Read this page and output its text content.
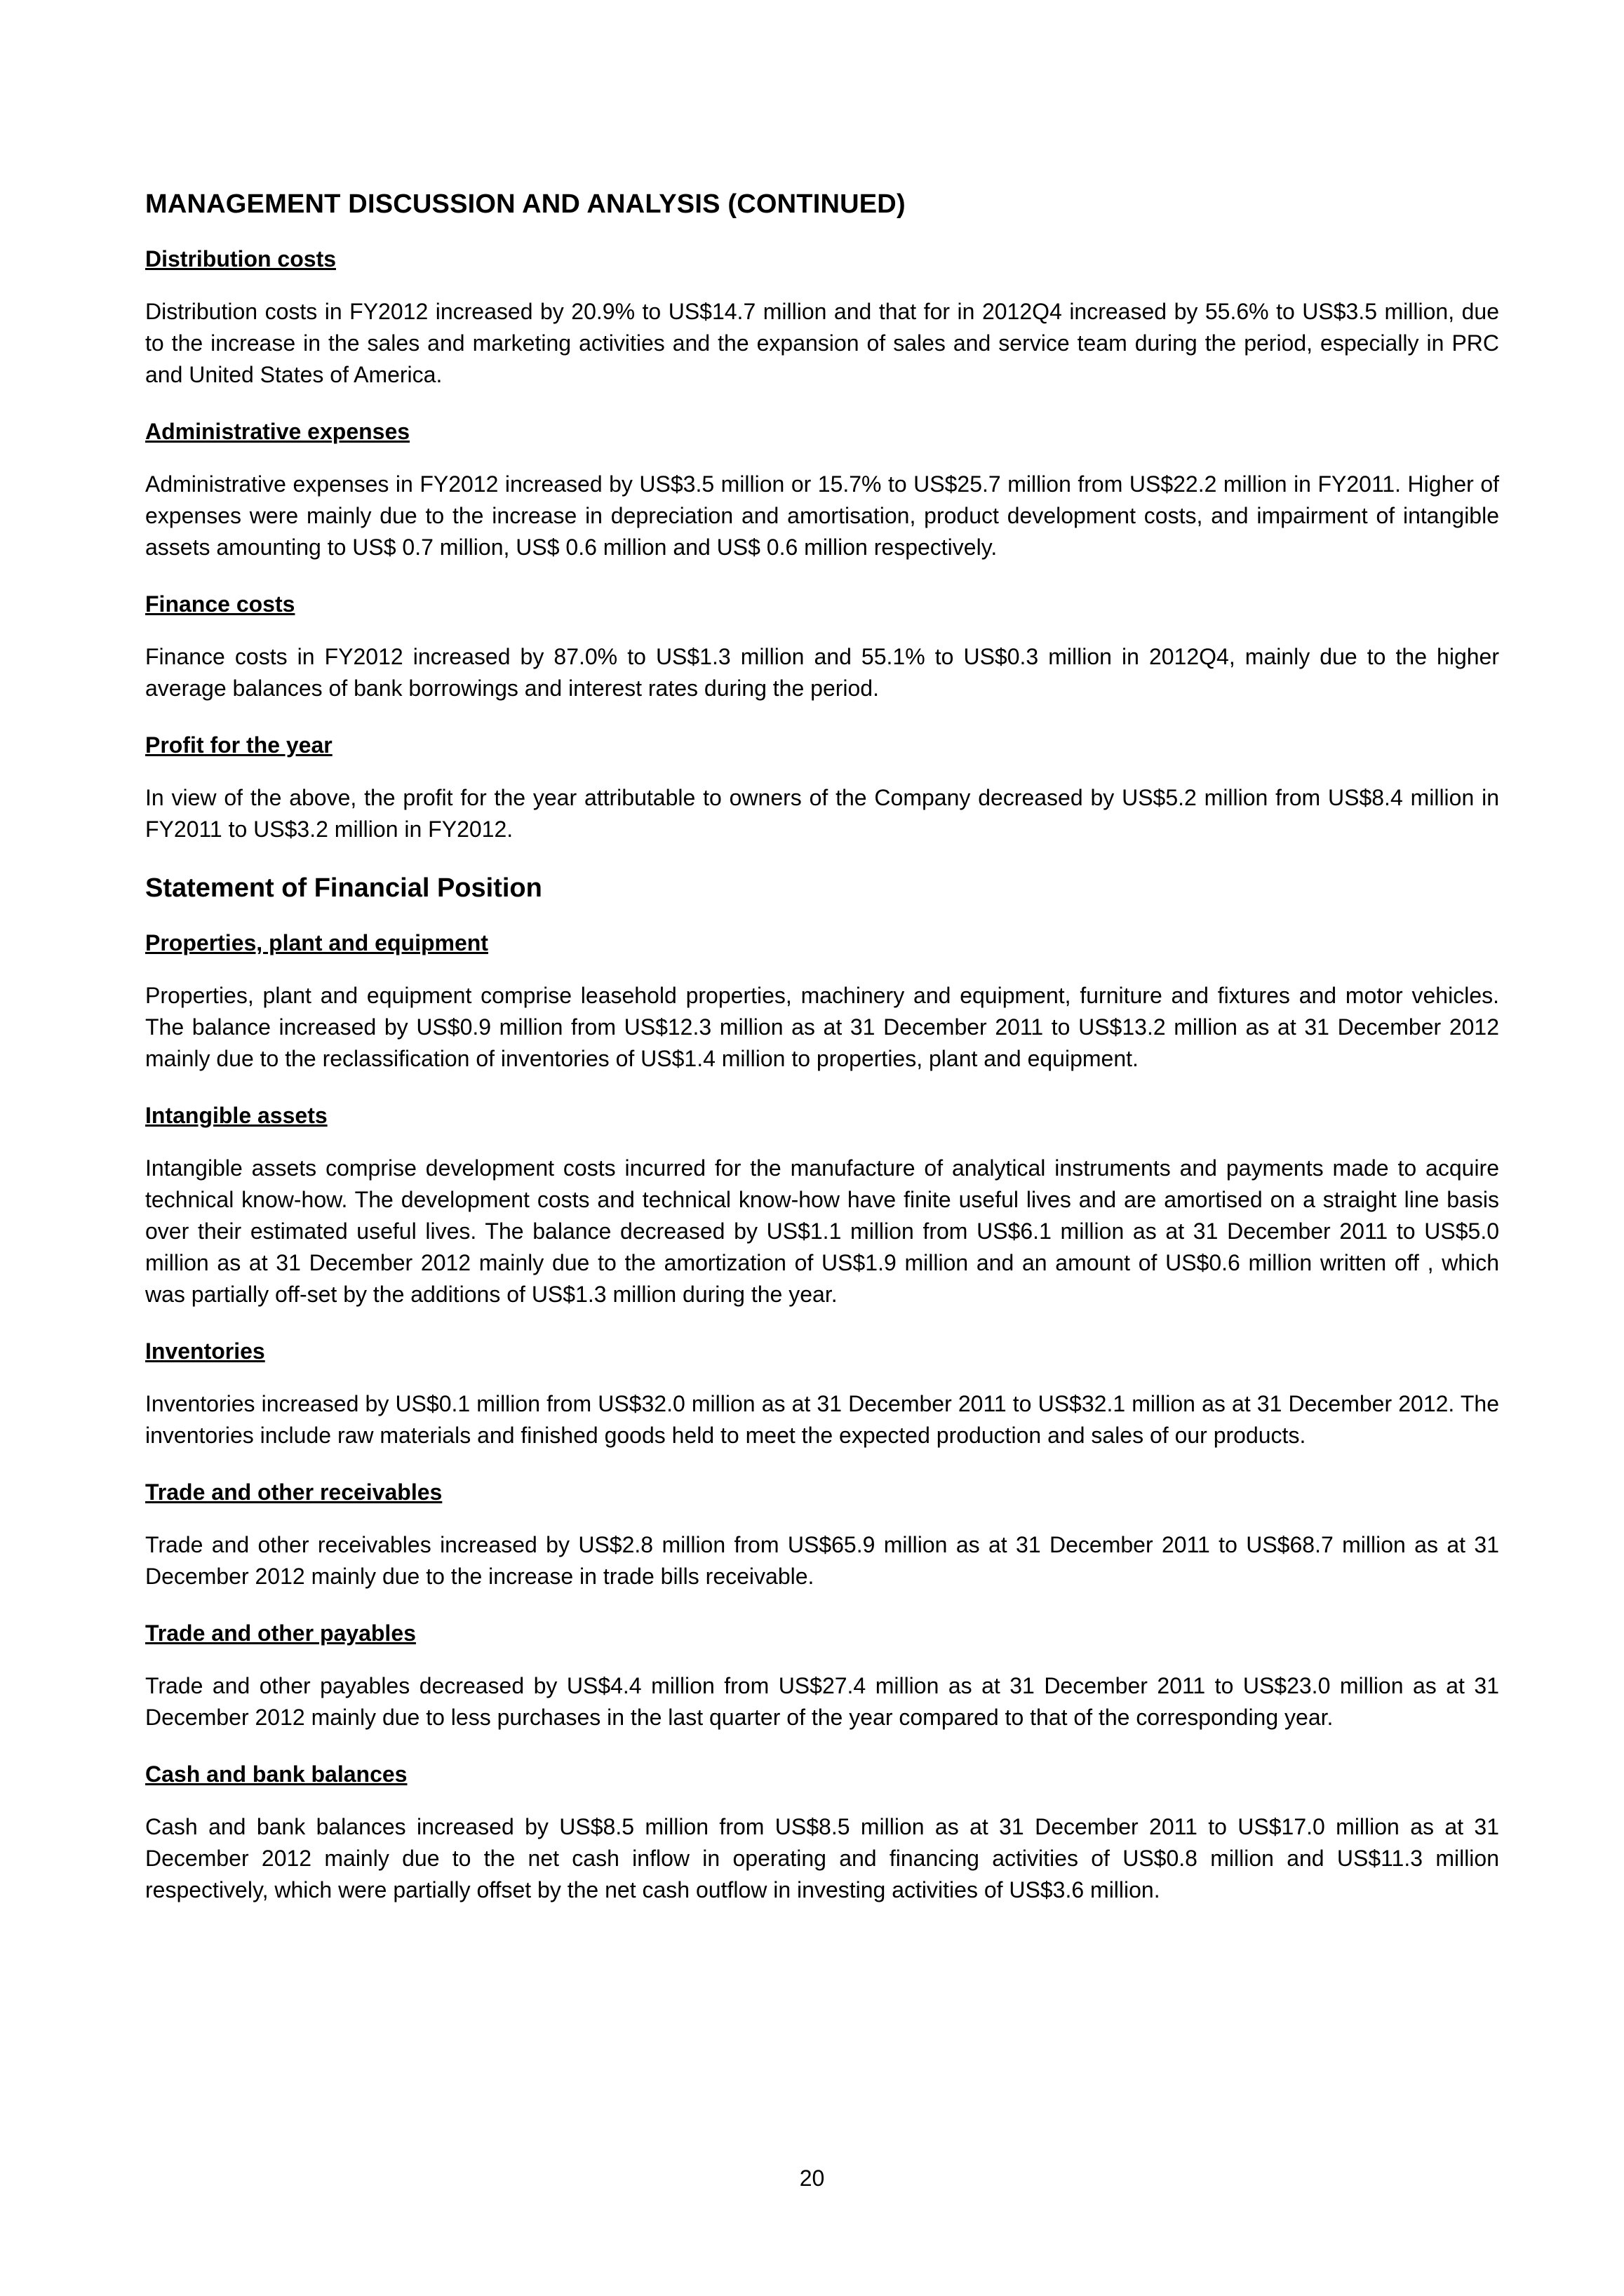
MANAGEMENT DISCUSSION AND ANALYSIS (CONTINUED)
Distribution costs
Distribution costs in FY2012 increased by 20.9% to US$14.7 million and that for in 2012Q4 increased by 55.6% to US$3.5 million, due to the increase in the sales and marketing activities and the expansion of sales and service team during the period, especially in PRC and United States of America.
Administrative expenses
Administrative expenses in FY2012 increased by US$3.5 million or 15.7% to US$25.7 million from US$22.2 million in FY2011. Higher of expenses were mainly due to the increase in depreciation and amortisation, product development costs, and impairment of intangible assets amounting to US$ 0.7 million, US$ 0.6 million and US$ 0.6 million respectively.
Finance costs
Finance costs in FY2012 increased by 87.0% to US$1.3 million and 55.1% to US$0.3 million in 2012Q4, mainly due to the higher average balances of bank borrowings and interest rates during the period.
Profit for the year
In view of the above, the profit for the year attributable to owners of the Company decreased by US$5.2 million from US$8.4 million in FY2011 to US$3.2 million in FY2012.
Statement of Financial Position
Properties, plant and equipment
Properties, plant and equipment comprise leasehold properties, machinery and equipment, furniture and fixtures and motor vehicles. The balance increased by US$0.9 million from US$12.3 million as at 31 December 2011 to US$13.2 million as at 31 December 2012 mainly due to the reclassification of inventories of US$1.4 million to properties, plant and equipment.
Intangible assets
Intangible assets comprise development costs incurred for the manufacture of analytical instruments and payments made to acquire technical know-how. The development costs and technical know-how have finite useful lives and are amortised on a straight line basis over their estimated useful lives. The balance decreased by US$1.1 million from US$6.1 million as at 31 December 2011 to US$5.0 million as at 31 December 2012 mainly due to the amortization of US$1.9 million and an amount of US$0.6 million written off , which was partially off-set by the additions of US$1.3 million during the year.
Inventories
Inventories increased by US$0.1 million from US$32.0 million as at 31 December 2011 to US$32.1 million as at 31 December 2012. The inventories include raw materials and finished goods held to meet the expected production and sales of our products.
Trade and other receivables
Trade and other receivables increased by US$2.8 million from US$65.9 million as at 31 December 2011 to US$68.7 million as at 31 December 2012 mainly due to the increase in trade bills receivable.
Trade and other payables
Trade and other payables decreased by US$4.4 million from US$27.4 million as at 31 December 2011 to US$23.0 million as at 31 December 2012 mainly due to less purchases in the last quarter of the year compared to that of the corresponding year.
Cash and bank balances
Cash and bank balances increased by US$8.5 million from US$8.5 million as at 31 December 2011 to US$17.0 million as at 31 December 2012 mainly due to the net cash inflow in operating and financing activities of US$0.8 million and US$11.3 million respectively, which were partially offset by the net cash outflow in investing activities of US$3.6 million.
20
